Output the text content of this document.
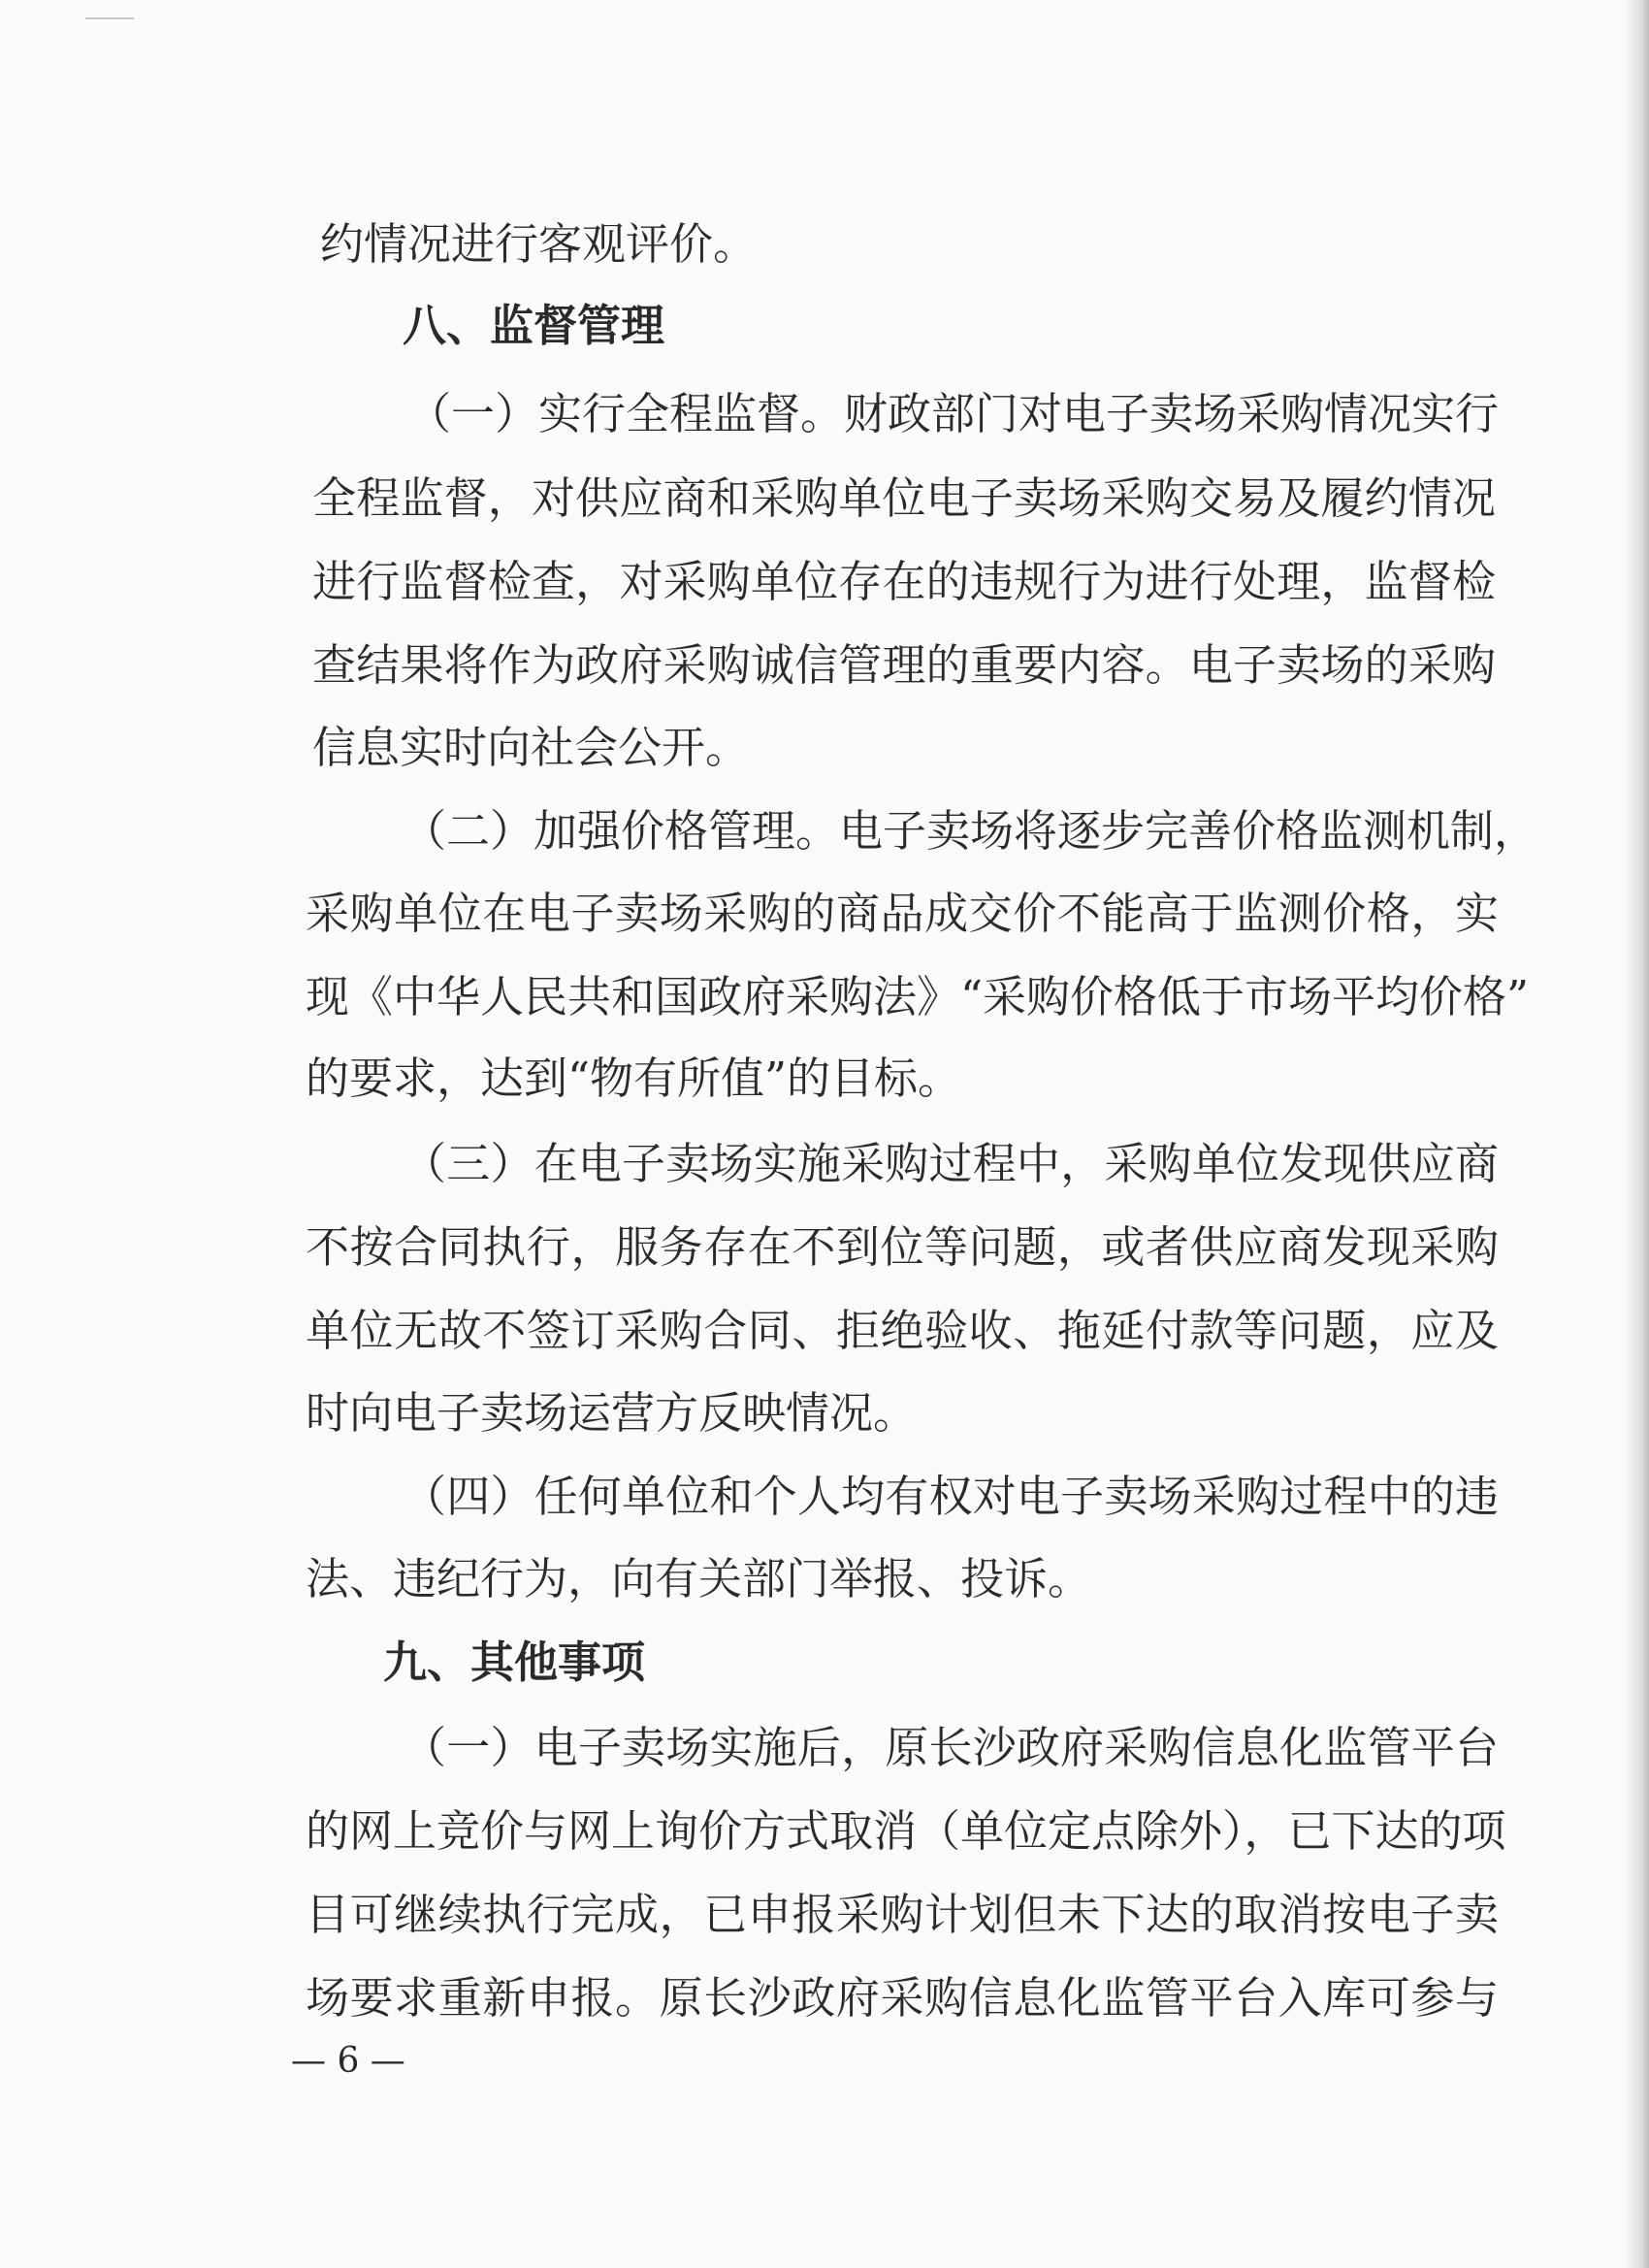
约情况进行客观评价。
八、监督管理
（一）实行全程监督。财政部门对电子卖场采购情况实行
全程监督，对供应商和采购单位电子卖场采购交易及履约情况
进行监督检查，对采购单位存在的违规行为进行处理，监督检
查结果将作为政府采购诚信管理的重要内容。电子卖场的采购
信息实时向社会公开。
（二）加强价格管理。电子卖场将逐步完善价格监测机制，
采购单位在电子卖场采购的商品成交价不能高于监测价格，实
现《中华人民共和国政府采购法》“采购价格低于市场平均价格”
的要求，达到“物有所值”的目标。
（三）在电子卖场实施采购过程中，采购单位发现供应商
不按合同执行，服务存在不到位等问题，或者供应商发现采购
单位无故不签订采购合同、拒绝验收、拖延付款等问题，应及
时向电子卖场运营方反映情况。
（四）任何单位和个人均有权对电子卖场采购过程中的违
法、违纪行为，向有关部门举报、投诉。
九、其他事项
（一）电子卖场实施后，原长沙政府采购信息化监管平台
的网上竞价与网上询价方式取消（单位定点除外），已下达的项
目可继续执行完成，已申报采购计划但未下达的取消按电子卖
场要求重新申报。原长沙政府采购信息化监管平台入库可参与
— 6 —
